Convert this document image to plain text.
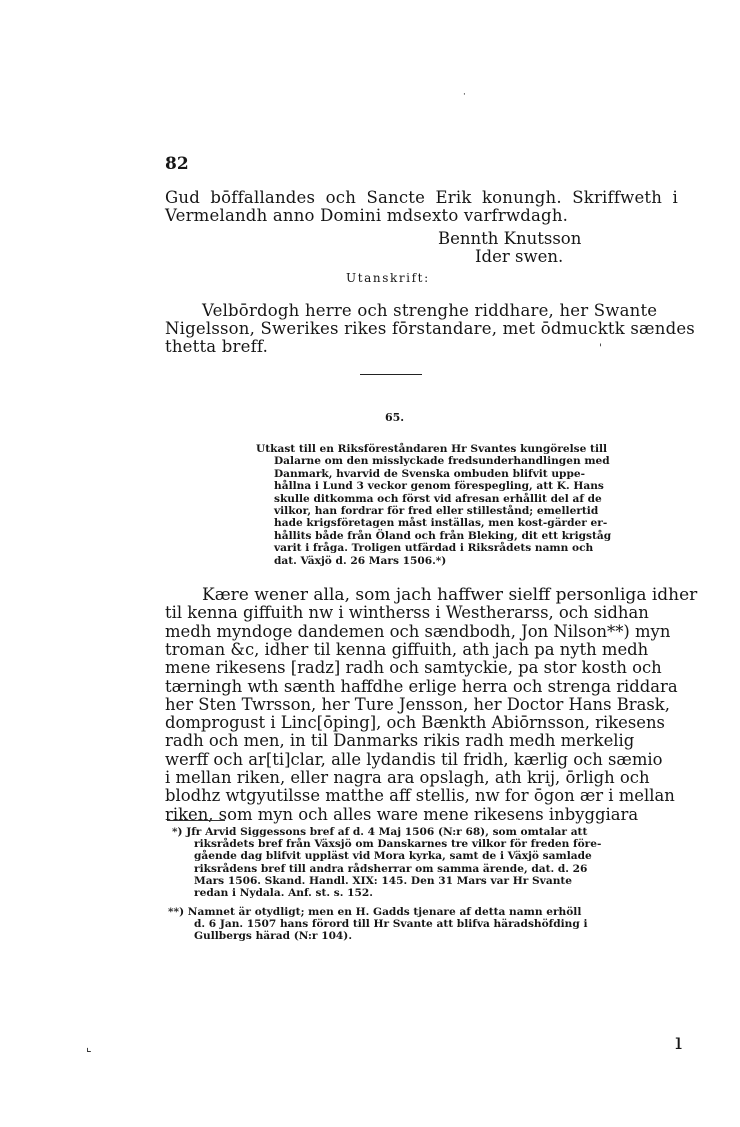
·
82
Gud bōffallandes och Sancte Erik konungh. Skriffweth i
Vermelandh anno Domini mdsexto varfrwdagh.
Bennth Knutsson
Ider swen.
Utanskrift:
Velbōrdogh herre och strenghe riddhare, her Swante
Nigelsson, Swerikes rikes fōrstandare, met ōdmucktk sændes
thetta breff.	'
65.
Utkast till en Riksföreståndaren Hr Svantes kungörelse till
Dalarne om den misslyckade fredsunderhandlingen med
Danmark, hvarvid de Svenska ombuden blifvit uppe-
hållna i Lund 3 veckor genom förespegling, att K. Hans
skulle ditkomma och först vid afresan erhållit del af de
vilkor, han fordrar för fred eller stillestånd; emellertid
hade krigsföretagen måst inställas, men kost-gärder er-
hållits både från Öland och från Bleking, dit ett krigståg
varit i fråga. Troligen utfärdad i Riksrådets namn och
dat. Växjö d. 26 Mars 1506.*)
Kære wener alla, som jach haffwer sielff personliga idher
til kenna giffuith nw i wintherss i Westherarss, och sidhan
medh myndoge dandemen och sændbodh, Jon Nilson**) myn
troman &c, idher til kenna giffuith, ath jach pa nyth medh
mene rikesens [radz] radh och samtyckie, pa stor kosth och
tærningh wth sænth haffdhe erlige herra och strenga riddara
her Sten Twrsson, her Ture Jensson, her Doctor Hans Brask,
domprogust i Linc[ōping], och Bænkth Abiōrnsson, rikesens
radh och men, in til Danmarks rikis radh medh merkelig
werff och ar[ti]clar, alle lydandis til fridh, kærlig och sæmio
i mellan riken, eller nagra ara opslagh, ath krij, ōrligh och
blodhz wtgyutilsse matthe aff stellis, nw for ōgon ær i mellan
riken, som myn och alles ware mene rikesens inbyggiara
*) Jfr Arvid Siggessons bref af d. 4 Maj 1506 (N:r 68), som omtalar att
riksrådets bref från Växsjö om Danskarnes tre vilkor för freden före-
gående dag blifvit uppläst vid Mora kyrka, samt de i Växjö samlade
riksrådens bref till andra rådsherrar om samma ärende, dat. d. 26
Mars 1506. Skand. Handl. XIX: 145. Den 31 Mars var Hr Svante
redan i Nydala. Anf. st. s. 152.
**) Namnet är otydligt; men en H. Gadds tjenare af detta namn erhöll
d. 6 Jan. 1507 hans förord till Hr Svante att blifva häradshöfding i
Gullbergs härad (N:r 104).
⌞	ı
